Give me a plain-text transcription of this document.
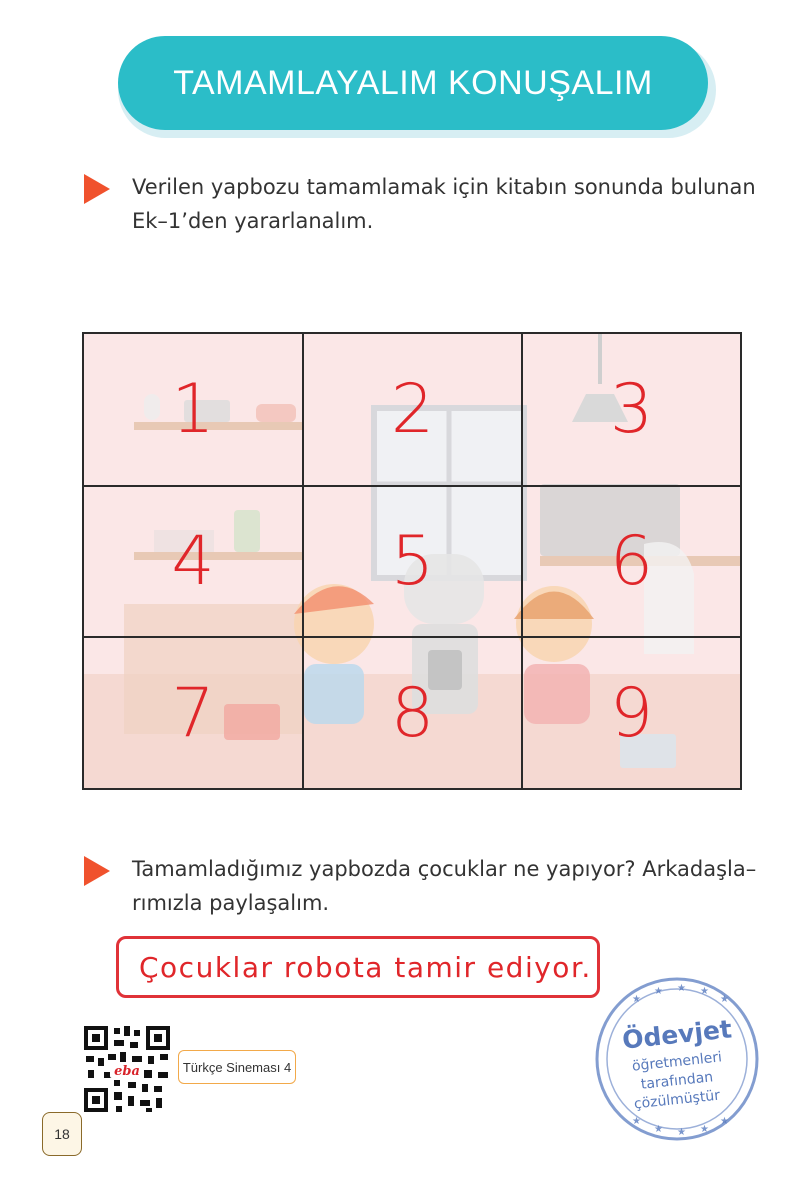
TAMAMLAYALIM KONUŞALIM
Verilen yapbozu tamamlamak için kitabın sonunda bulunan
Ek–1’den yararlanalım.
1	2	3
4	5	6
7	8	9
Tamamladığımız yapbozda çocuklar ne yapıyor? Arkadaşla–
rımızla paylaşalım.
Çocuklar robota tamir ediyor.
eba	Türkçe Sineması 4
18
★
★ ★ ★
★
★
★ ★ ★
★
Ödevjet
öğretmenleri
tarafından
çözülmüştür
